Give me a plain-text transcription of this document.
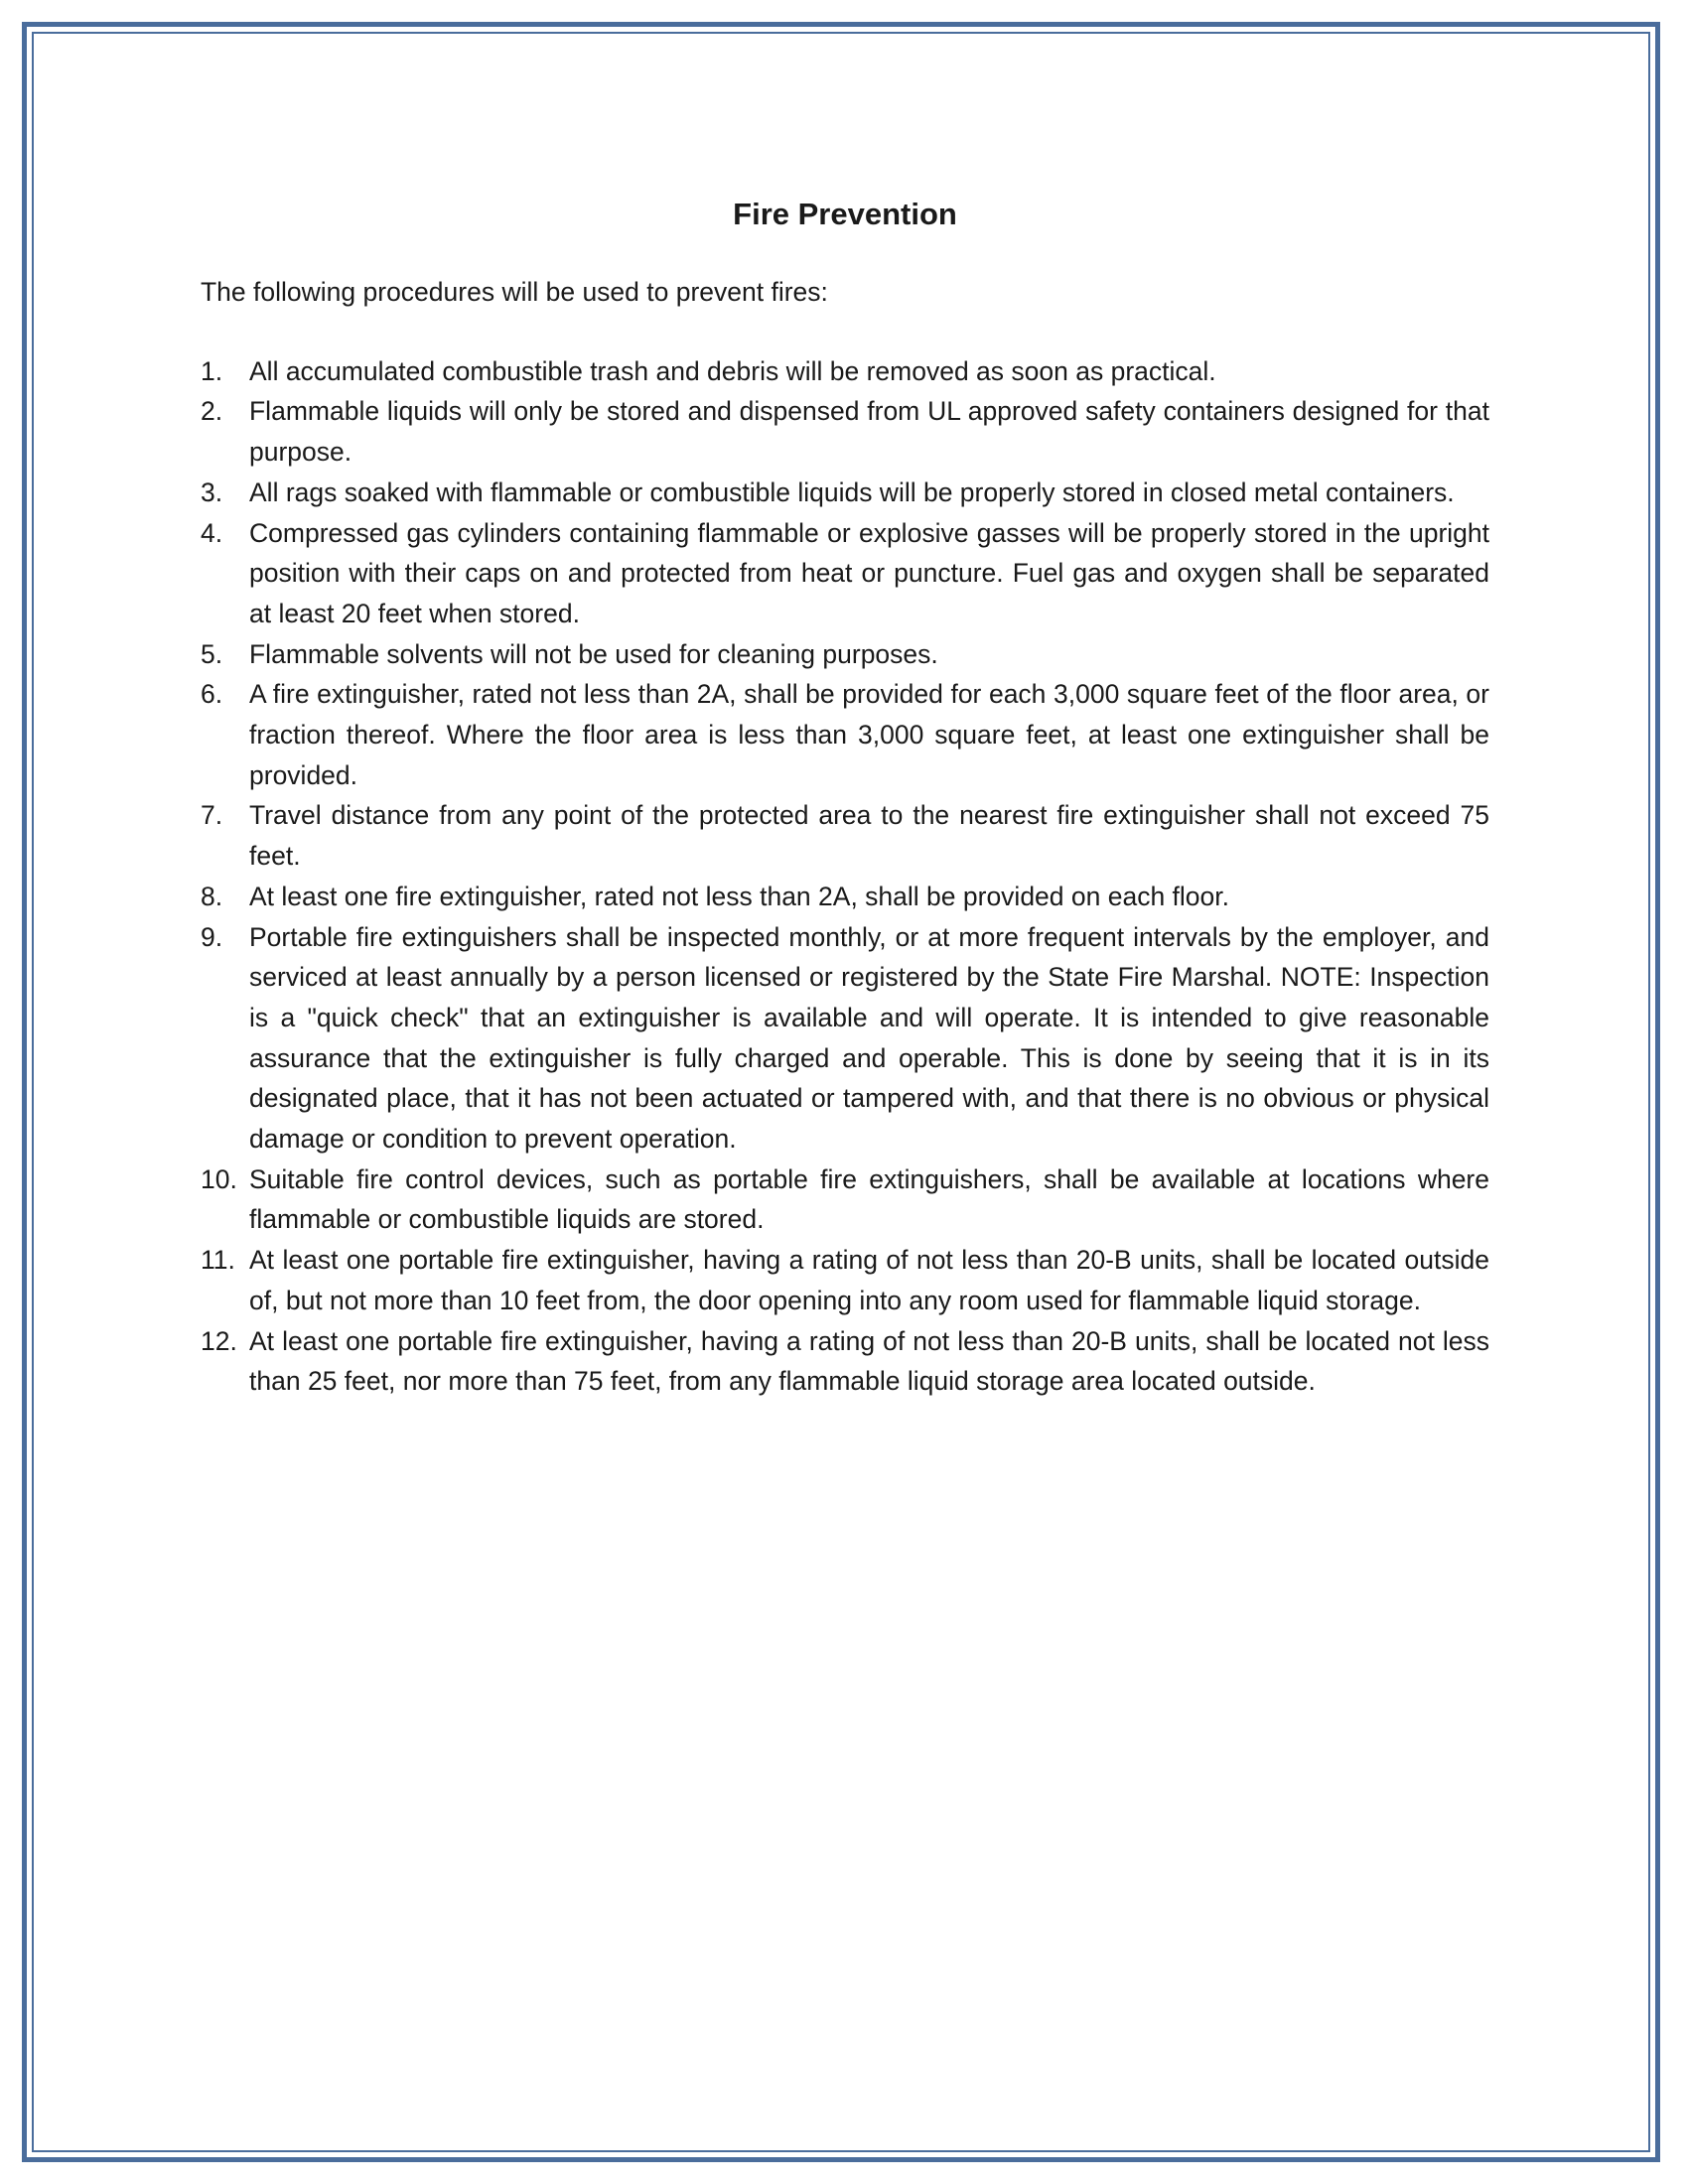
Fire Prevention

The following procedures will be used to prevent fires:

1. All accumulated combustible trash and debris will be removed as soon as practical.
2. Flammable liquids will only be stored and dispensed from UL approved safety containers designed for that purpose.
3. All rags soaked with flammable or combustible liquids will be properly stored in closed metal containers.
4. Compressed gas cylinders containing flammable or explosive gasses will be properly stored in the upright position with their caps on and protected from heat or puncture. Fuel gas and oxygen shall be separated at least 20 feet when stored.
5. Flammable solvents will not be used for cleaning purposes.
6. A fire extinguisher, rated not less than 2A, shall be provided for each 3,000 square feet of the floor area, or fraction thereof. Where the floor area is less than 3,000 square feet, at least one extinguisher shall be provided.
7. Travel distance from any point of the protected area to the nearest fire extinguisher shall not exceed 75 feet.
8. At least one fire extinguisher, rated not less than 2A, shall be provided on each floor.
9. Portable fire extinguishers shall be inspected monthly, or at more frequent intervals by the employer, and serviced at least annually by a person licensed or registered by the State Fire Marshal. NOTE: Inspection is a "quick check" that an extinguisher is available and will operate. It is intended to give reasonable assurance that the extinguisher is fully charged and operable. This is done by seeing that it is in its designated place, that it has not been actuated or tampered with, and that there is no obvious or physical damage or condition to prevent operation.
10. Suitable fire control devices, such as portable fire extinguishers, shall be available at locations where flammable or combustible liquids are stored.
11. At least one portable fire extinguisher, having a rating of not less than 20-B units, shall be located outside of, but not more than 10 feet from, the door opening into any room used for flammable liquid storage.
12. At least one portable fire extinguisher, having a rating of not less than 20-B units, shall be located not less than 25 feet, nor more than 75 feet, from any flammable liquid storage area located outside.
